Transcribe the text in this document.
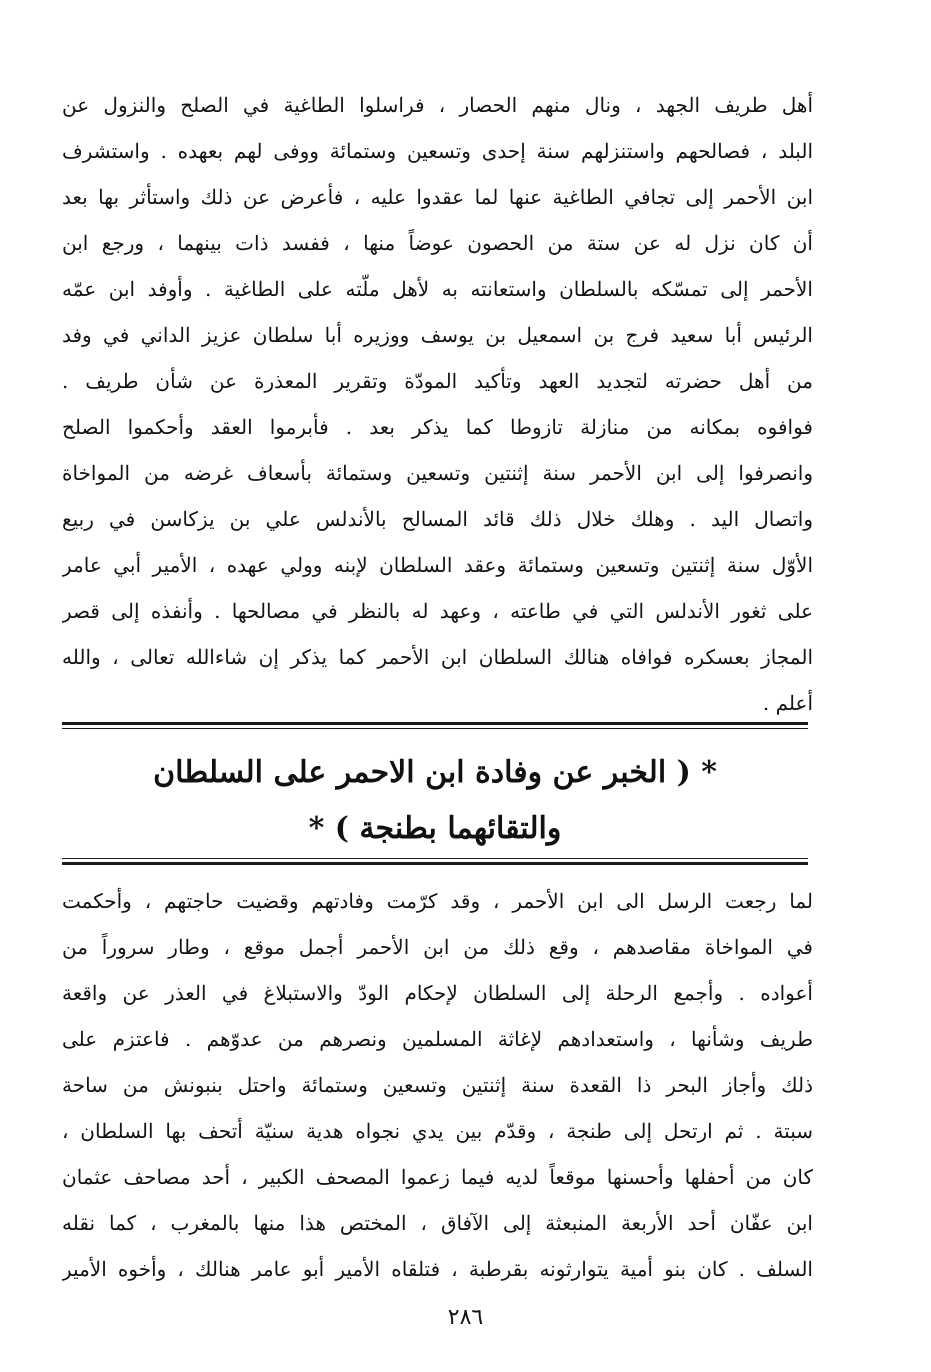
أهل طريف الجهد ، ونال منهم الحصار ، فراسلوا الطاغية في الصلح والنزول عن
البلد ، فصالحهم واستنزلهم سنة إحدى وتسعين وستمائة ووفى لهم بعهده . واستشرف
ابن الأحمر إلى تجافي الطاغية عنها لما عقدوا عليه ، فأعرض عن ذلك واستأثر بها بعد
أن كان نزل له عن ستة من الحصون عوضاً منها ، ففسد ذات بينهما ، ورجع ابن
الأحمر إلى تمسّكه بالسلطان واستعانته به لأهل ملّته على الطاغية . وأوفد ابن عمّه
الرئيس أبا سعيد فرج بن اسمعيل بن يوسف ووزيره أبا سلطان عزيز الداني في وفد
من أهل حضرته لتجديد العهد وتأكيد المودّة وتقرير المعذرة عن شأن طريف .
فوافوه بمكانه من منازلة تازوطا كما يذكر بعد . فأبرموا العقد وأحكموا الصلح
وانصرفوا إلى ابن الأحمر سنة إثنتين وتسعين وستمائة بأسعاف غرضه من المواخاة
واتصال اليد . وهلك خلال ذلك قائد المسالح بالأندلس علي بن يزكاسن في ربيع
الأوّل سنة إثنتين وتسعين وستمائة وعقد السلطان لإبنه وولي عهده ، الأمير أبي عامر
على ثغور الأندلس التي في طاعته ، وعهد له بالنظر في مصالحها . وأنفذه إلى قصر
المجاز بعسكره فوافاه هنالك السلطان ابن الأحمر كما يذكر إن شاءالله تعالى ، والله
أعلم .
* ( الخبر عن وفادة ابن الاحمر على السلطان
والتقائهما بطنجة ) *
لما رجعت الرسل الى ابن الأحمر ، وقد كرّمت وفادتهم وقضيت حاجتهم ، وأحكمت
في المواخاة مقاصدهم ، وقع ذلك من ابن الأحمر أجمل موقع ، وطار سروراً من
أعواده . وأجمع الرحلة إلى السلطان لإحكام الودّ والاستبلاغ في العذر عن واقعة
طريف وشأنها ، واستعدادهم لإغاثة المسلمين ونصرهم من عدوّهم . فاعتزم على
ذلك وأجاز البحر ذا القعدة سنة إثنتين وتسعين وستمائة واحتل بنبونش من ساحة
سبتة . ثم ارتحل إلى طنجة ، وقدّم بين يدي نجواه هدية سنيّة أتحف بها السلطان ،
كان من أحفلها وأحسنها موقعاً لديه فيما زعموا المصحف الكبير ، أحد مصاحف عثمان
ابن عفّان أحد الأربعة المنبعثة إلى الآفاق ، المختص هذا منها بالمغرب ، كما نقله
السلف . كان بنو أمية يتوارثونه بقرطبة ، فتلقاه الأمير أبو عامر هنالك ، وأخوه الأمير
٢٨٦
